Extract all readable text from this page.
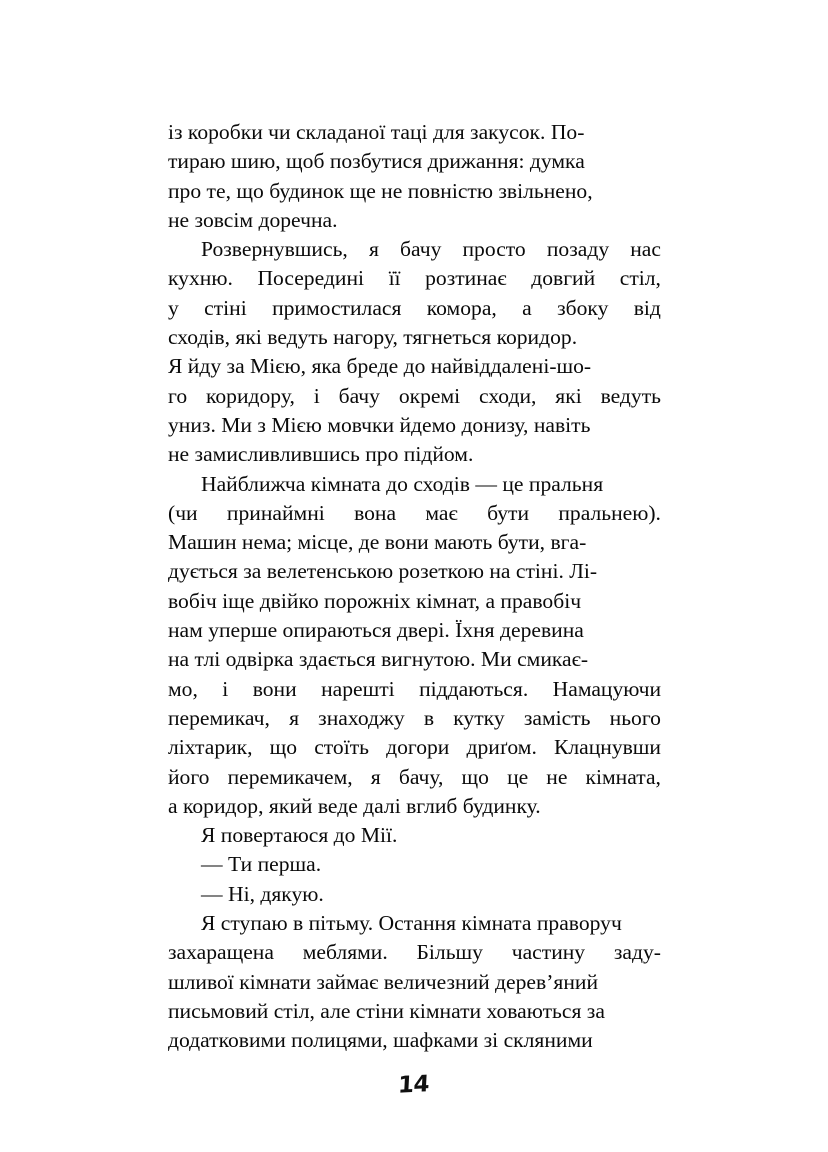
із коробки чи складаної таці для закусок. По-
тираю шию, щоб позбутися дрижання: думка
про те, що будинок ще не повністю звільнено,
не зовсім доречна.
Розвернувшись, я бачу просто позаду нас
кухню. Посередині її розтинає довгий стіл,
у стіні примостилася комора, а збоку від
сходів, які ведуть нагору, тягнеться коридор.
Я йду за Мією, яка бреде до найвіддалені-шо-
го коридору, і бачу окремі сходи, які ведуть
униз. Ми з Мією мовчки йдемо донизу, навіть
не замисливлившись про підйом.
Найближча кімната до сходів — це пральня
(чи принаймні вона має бути пральнею).
Машин нема; місце, де вони мають бути, вга-
дується за велетенською розеткою на стіні. Лі-
вобіч іще двійко порожніх кімнат, а правобіч
нам уперше опираються двері. Їхня деревина
на тлі одвірка здається вигнутою. Ми смикає-
мо, і вони нарешті піддаються. Намацуючи
перемикач, я знаходжу в кутку замість нього
ліхтарик, що стоїть догори дриґом. Клацнувши
його перемикачем, я бачу, що це не кімната,
а коридор, який веде далі вглиб будинку.
Я повертаюся до Мії.
— Ти перша.
— Ні, дякую.
Я ступаю в пітьму. Остання кімната праворуч
захаращена меблями. Більшу частину заду-
шливої кімнати займає величезний дерев’яний
письмовий стіл, але стіни кімнати ховаються за
додатковими полицями, шафками зі скляними
14
